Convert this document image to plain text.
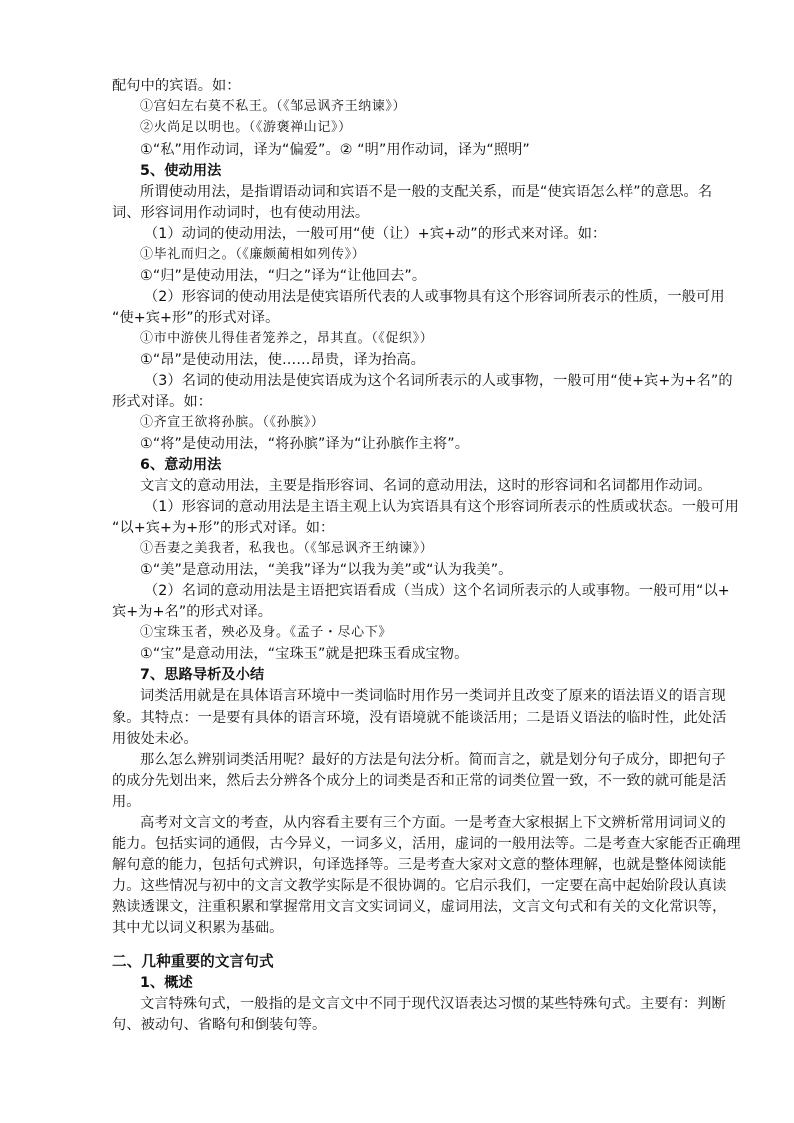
配句中的宾语。如：
①宫妇左右莫不私王。（《邹忌讽齐王纳谏》）
②火尚足以明也。（《游褒禅山记》）
①“私”用作动词，译为“偏爱”。② “明”用作动词，译为“照明”
5、使动用法
所谓使动用法，是指谓语动词和宾语不是一般的支配关系，而是“使宾语怎么样”的意思。名
词、形容词用作动词时，也有使动用法。
（1）动词的使动用法，一般可用“使（让）+宾+动”的形式来对译。如：
①毕礼而归之。（《廉颇蔺相如列传》）
①“归”是使动用法，“归之”译为“让他回去”。
（2）形容词的使动用法是使宾语所代表的人或事物具有这个形容词所表示的性质，一般可用
“使+宾+形”的形式对译。
①市中游侠儿得佳者笼养之，昂其直。（《促织》）
①“昂”是使动用法，使……昂贵，译为抬高。
（3）名词的使动用法是使宾语成为这个名词所表示的人或事物，一般可用“使+宾+为+名”的
形式对译。如：
①齐宣王欲将孙膑。（《孙膑》）
①“将”是使动用法，“将孙膑”译为“让孙膑作主将”。
6、意动用法
文言文的意动用法，主要是指形容词、名词的意动用法，这时的形容词和名词都用作动词。
（1）形容词的意动用法是主语主观上认为宾语具有这个形容词所表示的性质或状态。一般可用
“以+宾+为+形”的形式对译。如：
①吾妻之美我者，私我也。（《邹忌讽齐王纳谏》）
①“美”是意动用法，“美我”译为“以我为美”或“认为我美”。
（2）名词的意动用法是主语把宾语看成（当成）这个名词所表示的人或事物。一般可用“以+
宾+为+名”的形式对译。
①宝珠玉者，殃必及身。《孟子・尽心下》
①“宝”是意动用法，“宝珠玉”就是把珠玉看成宝物。
7、思路导析及小结
词类活用就是在具体语言环境中一类词临时用作另一类词并且改变了原来的语法语义的语言现
象。其特点：一是要有具体的语言环境，没有语境就不能谈活用；二是语义语法的临时性，此处活
用彼处未必。
那么怎么辨别词类活用呢？最好的方法是句法分析。简而言之，就是划分句子成分，即把句子
的成分先划出来，然后去分辨各个成分上的词类是否和正常的词类位置一致，不一致的就可能是活
用。
高考对文言文的考查，从内容看主要有三个方面。一是考查大家根据上下文辨析常用词词义的
能力。包括实词的通假，古今异义，一词多义，活用，虚词的一般用法等。二是考查大家能否正确理
解句意的能力，包括句式辨识，句译选择等。三是考查大家对文意的整体理解，也就是整体阅读能
力。这些情况与初中的文言文教学实际是不很协调的。它启示我们，一定要在高中起始阶段认真读
熟读透课文，注重积累和掌握常用文言文实词词义，虚词用法，文言文句式和有关的文化常识等，
其中尤以词义积累为基础。
二、几种重要的文言句式
1、概述
文言特殊句式，一般指的是文言文中不同于现代汉语表达习惯的某些特殊句式。主要有：判断
句、被动句、省略句和倒装句等。
